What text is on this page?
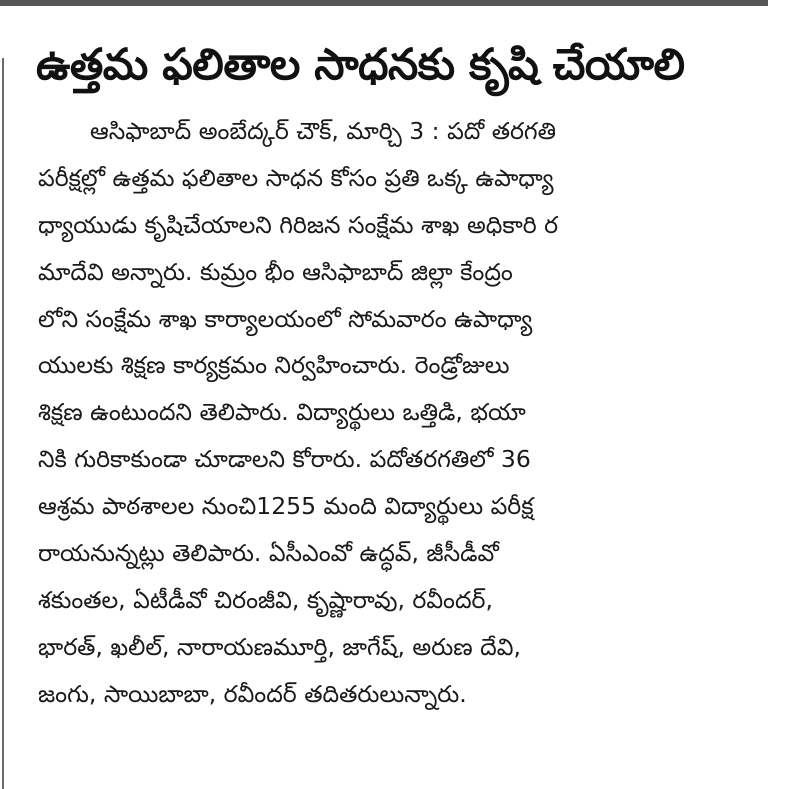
ఉత్తమ ఫలితాల సాధనకు కృషి చేయాలి
ఆసిఫాబాద్ అంబేద్కర్ చౌక్, మార్చి 3 : పదో తరగతి
పరీక్షల్లో ఉత్తమ ఫలితాల సాధన కోసం ప్రతి ఒక్క ఉపాధ్యా
ధ్యాయుడు కృషిచేయాలని గిరిజన సంక్షేమ శాఖ అధికారి ర
మాదేవి అన్నారు. కుమ్రం భీం ఆసిఫాబాద్ జిల్లా కేంద్రం
లోని సంక్షేమ శాఖ కార్యాలయంలో సోమవారం ఉపాధ్యా
యులకు శిక్షణ కార్యక్రమం నిర్వహించారు. రెండ్రోజులు
శిక్షణ ఉంటుందని తెలిపారు. విద్యార్థులు ఒత్తిడి, భయా
నికి గురికాకుండా చూడాలని కోరారు. పదోతరగతిలో 36
ఆశ్రమ పాఠశాలల నుంచి1255 మంది విద్యార్థులు పరీక్ష
రాయనున్నట్లు తెలిపారు. ఏసీఎంవో ఉద్ధవ్, జీసీడీవో
శకుంతల, ఏటీడీవో చిరంజీవి, కృష్ణారావు, రవీందర్,
భారత్, ఖలీల్, నారాయణమూర్తి, జాగేష్, అరుణ దేవి,
జంగు, సాయిబాబా, రవీందర్ తదితరులున్నారు.
